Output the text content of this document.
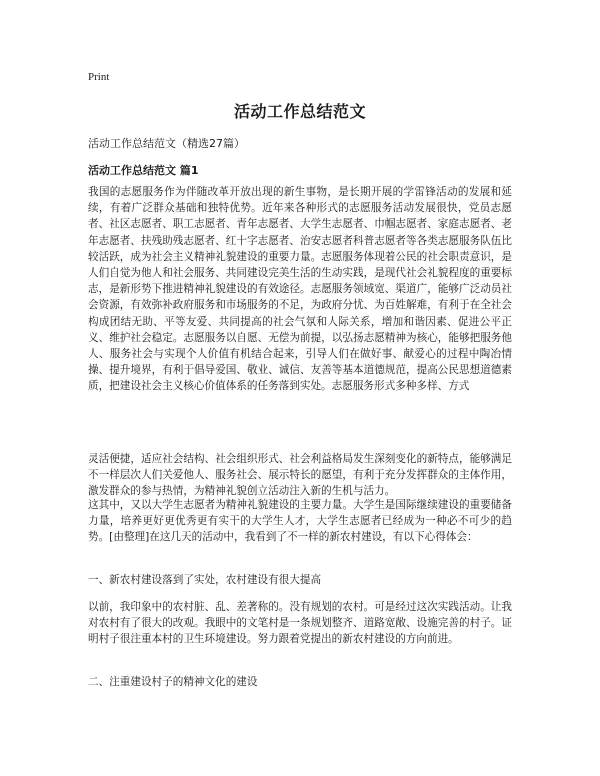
Print
活动工作总结范文

活动工作总结范文（精选27篇）

活动工作总结范文 篇1

我国的志愿服务作为伴随改革开放出现的新生事物，是长期开展的学雷锋活动的发展和延续，有着广泛群众基础和独特优势。近年来各种形式的志愿服务活动发展很快，党员志愿者、社区志愿者、职工志愿者、青年志愿者、大学生志愿者、巾帼志愿者、家庭志愿者、老年志愿者、扶残助残志愿者、红十字志愿者、治安志愿者科普志愿者等各类志愿服务队伍比较活跃，成为社会主义精神礼貌建设的重要力量。志愿服务体现着公民的社会职责意识，是人们自觉为他人和社会服务、共同建设完美生活的生动实践，是现代社会礼貌程度的重要标志，是新形势下推进精神礼貌建设的有效途径。志愿服务领域宽、渠道广，能够广泛动员社会资源，有效弥补政府服务和市场服务的不足，为政府分忧、为百姓解难，有利于在全社会构成团结无助、平等友爱、共同提高的社会气氛和人际关系，增加和谐因素、促进公平正义、维护社会稳定。志愿服务以自愿、无偿为前提，以弘扬志愿精神为核心，能够把服务他人、服务社会与实现个人价值有机结合起来，引导人们在做好事、献爱心的过程中陶冶情操、提升境界，有利于倡导爱国、敬业、诚信、友善等基本道德规范，提高公民思想道德素质，把建设社会主义核心价值体系的任务落到实处。志愿服务形式多种多样、方式

灵活便捷，适应社会结构、社会组织形式、社会利益格局发生深刻变化的新特点，能够满足不一样层次人们关爱他人、服务社会、展示特长的愿望，有利于充分发挥群众的主体作用，激发群众的参与热情，为精神礼貌创立活动注入新的生机与活力。

这其中，又以大学生志愿者为精神礼貌建设的主要力量。大学生是国际继续建设的重要储备力量，培养更好更优秀更有实干的大学生人才，大学生志愿者已经成为一种必不可少的趋势。[由整理]在这几天的活动中，我看到了不一样的新农村建设，有以下心得体会：

一、新农村建设落到了实处，农村建设有很大提高

以前，我印象中的农村脏、乱、差著称的。没有规划的农村。可是经过这次实践活动。让我对农村有了很大的改观。我眼中的文笔村是一条规划整齐、道路宽敞、设施完善的村子。证明村子很注重本村的卫生环境建设。努力跟着党提出的新农村建设的方向前进。

二、注重建设村子的精神文化的建设
